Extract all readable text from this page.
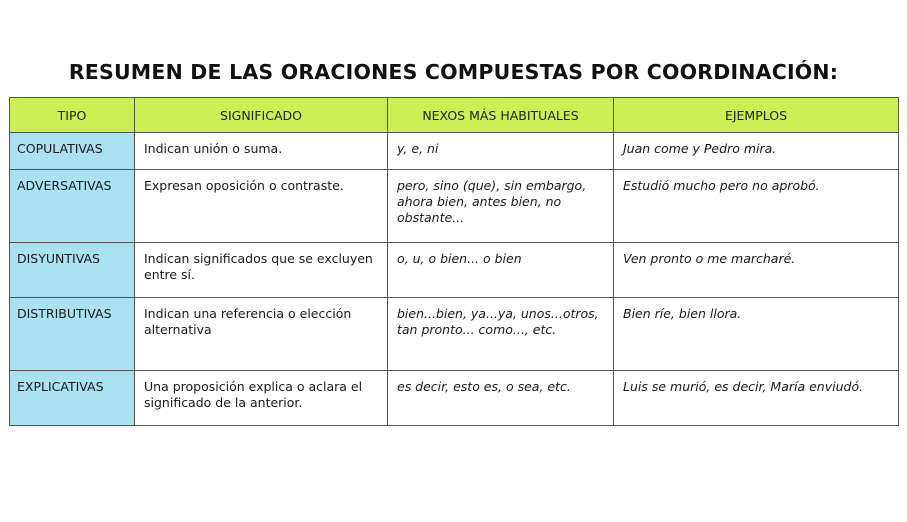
RESUMEN DE LAS ORACIONES COMPUESTAS POR COORDINACIÓN:
TIPO	SIGNIFICADO	NEXOS MÁS HABITUALES	EJEMPLOS
COPULATIVAS	Indican unión o suma.	y, e, ni	Juan come y Pedro mira.
ADVERSATIVAS	Expresan oposición o contraste.	pero, sino (que), sin embargo, ahora bien, antes bien, no obstante...	Estudió mucho pero no aprobó.
DISYUNTIVAS	Indican significados que se excluyen entre sí.	o, u, o bien... o bien	Ven pronto o me marcharé.
DISTRIBUTIVAS	Indican una referencia o elección alternativa	bien...bien, ya...ya, unos...otros, tan pronto... como..., etc.	Bien ríe, bien llora.
EXPLICATIVAS	Una proposición explica o aclara el significado de la anterior.	es decir, esto es, o sea, etc.	Luis se murió, es decir, María enviudó.
